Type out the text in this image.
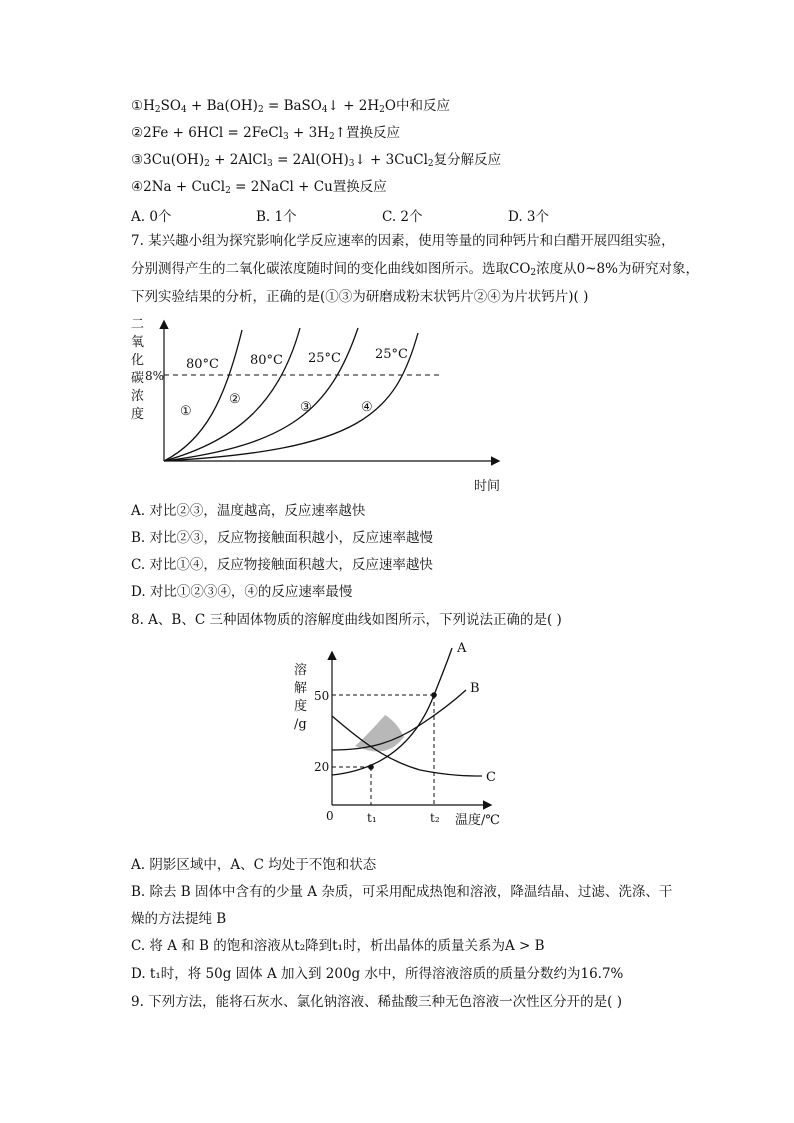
$①H_2SO_4 + Ba(OH)_2$ = BaSO$_4$↓ + $2H_2O$中和反应
②2Fe + 6HCl = 2FeCl$_3$ + $3H_2↑$置换反应
$③3Cu(OH)_2$ + 2AlCl$_3$ = $2Al(OH)_3↓$ + 3CuCl$_2$复分解反应
④2Na + CuCl$_2$ = 2NaCl + Cu置换反应
A. 0个	B. 1个	C. 2个	D. 3个
7. 某兴趣小组为探究影响化学反应速率的因素，使用等量的同种钙片和白醋开展四组实验，
分别测得产生的二氧化碳浓度随时间的变化曲线如图所示。选取$CO_2$浓度从0~8%为研究对象，
下列实验结果的分析，正确的是(①③为研磨成粉末状钙片②④为片状钙片)( )
二
氧
化
碳
浓
度
8%
80°C 80°C 25°C	25°C
①
②
③	④
时间
溶
解
度
/g
50
20
0	t₁	t₂ 温度/℃
A
B
C
A. 对比②③，温度越高，反应速率越快
B. 对比②③，反应物接触面积越小，反应速率越慢
C. 对比①④，反应物接触面积越大，反应速率越快
D. 对比①②③④，④的反应速率最慢
8. A、B、C 三种固体物质的溶解度曲线如图所示，下列说法正确的是( )
A. 阴影区域中，A、C 均处于不饱和状态
B. 除去 B 固体中含有的少量 A 杂质，可采用配成热饱和溶液，降温结晶、过滤、洗涤、干
燥的方法提纯 B
C. 将 A 和 B 的饱和溶液从t₂降到t₁时，析出晶体的质量关系为A > B
D. t₁时，将 50g 固体 A 加入到 200g 水中，所得溶液溶质的质量分数约为16.7%
9. 下列方法，能将石灰水、氯化钠溶液、稀盐酸三种无色溶液一次性区分开的是( )
